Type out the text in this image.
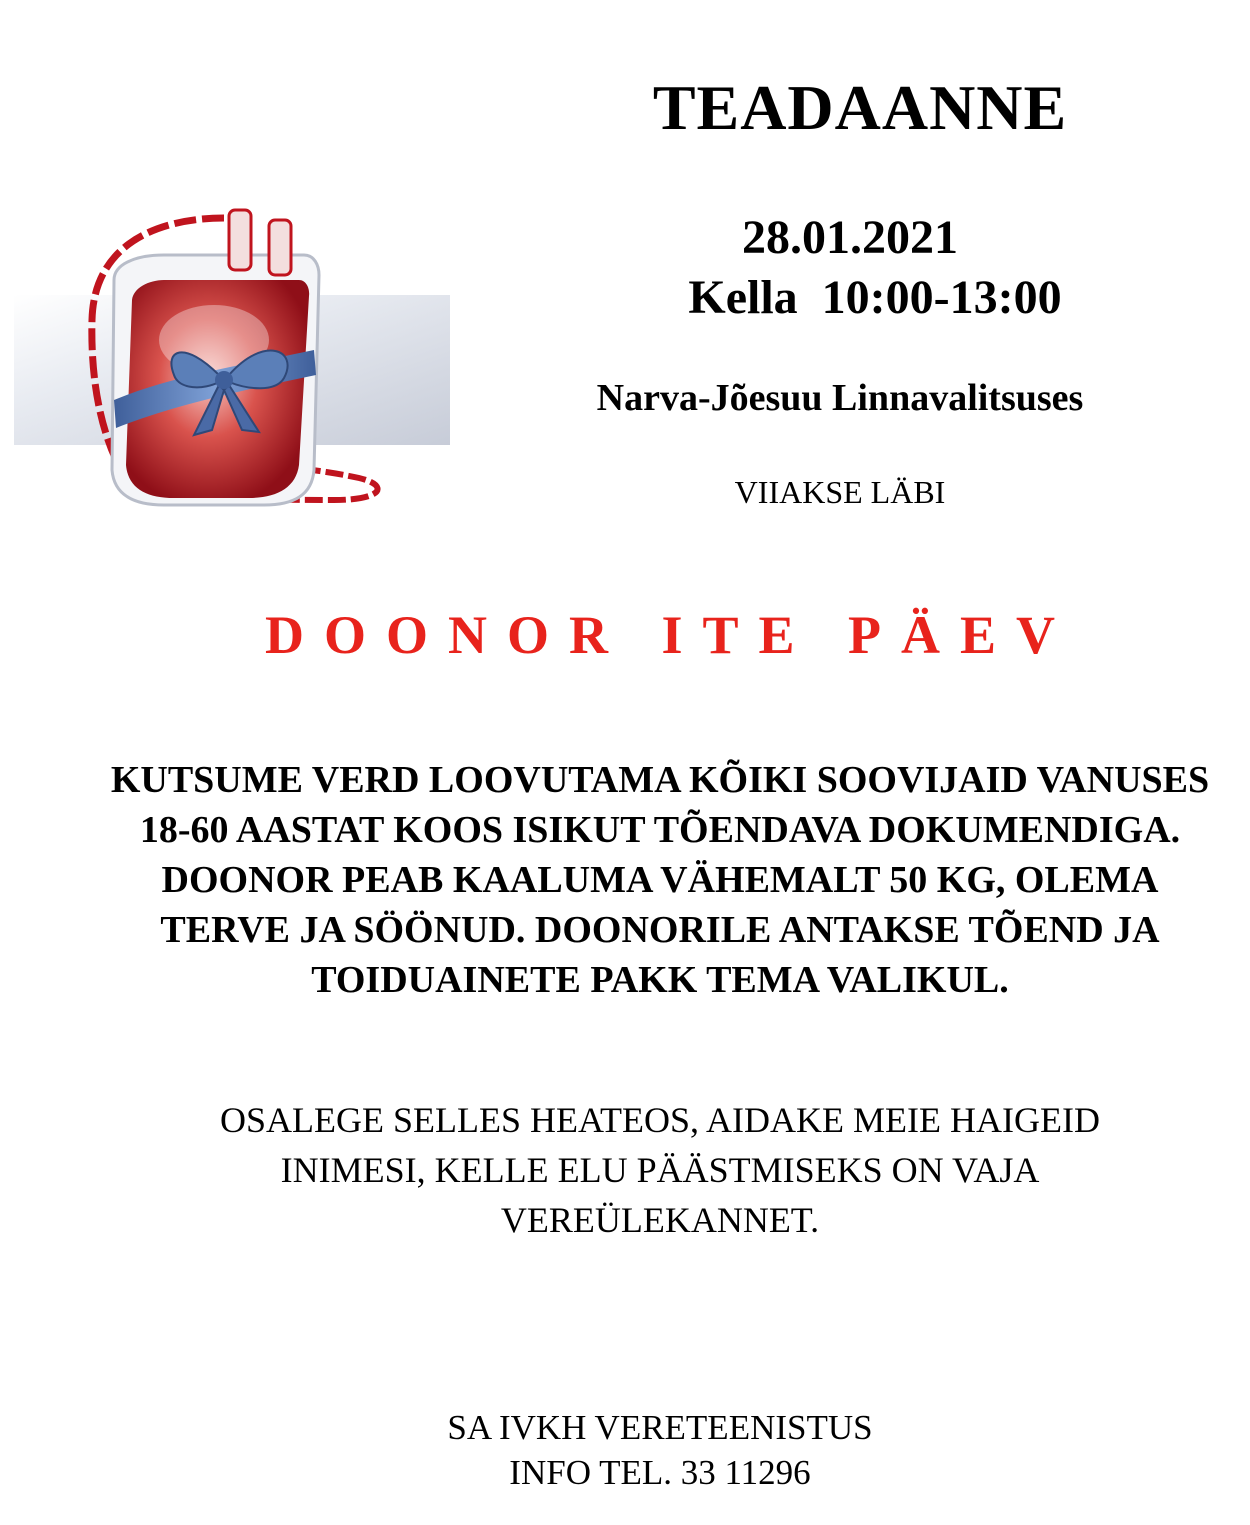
TEADAANNE
28.01.2021
Kella  10:00-13:00
Narva-Jõesuu Linnavalitsuses
VIIAKSE LÄBI
DOONOR ITE PÄEV
KUTSUME VERD LOOVUTAMA KÕIKI SOOVIJAID VANUSES 18-60 AASTAT KOOS ISIKUT TÕENDAVA DOKUMENDIGA. DOONOR PEAB KAALUMA VÄHEMALT 50 KG, OLEMA TERVE JA SÖÖNUD. DOONORILE ANTAKSE TÕEND JA TOIDUAINETE PAKK TEMA VALIKUL.
OSALEGE SELLES HEATEOS, AIDAKE MEIE HAIGEID INIMESI, KELLE ELU PÄÄSTMISEKS ON VAJA VEREÜLEKANNET.
SA IVKH VERETEENISTUS
INFO TEL. 33 11296
